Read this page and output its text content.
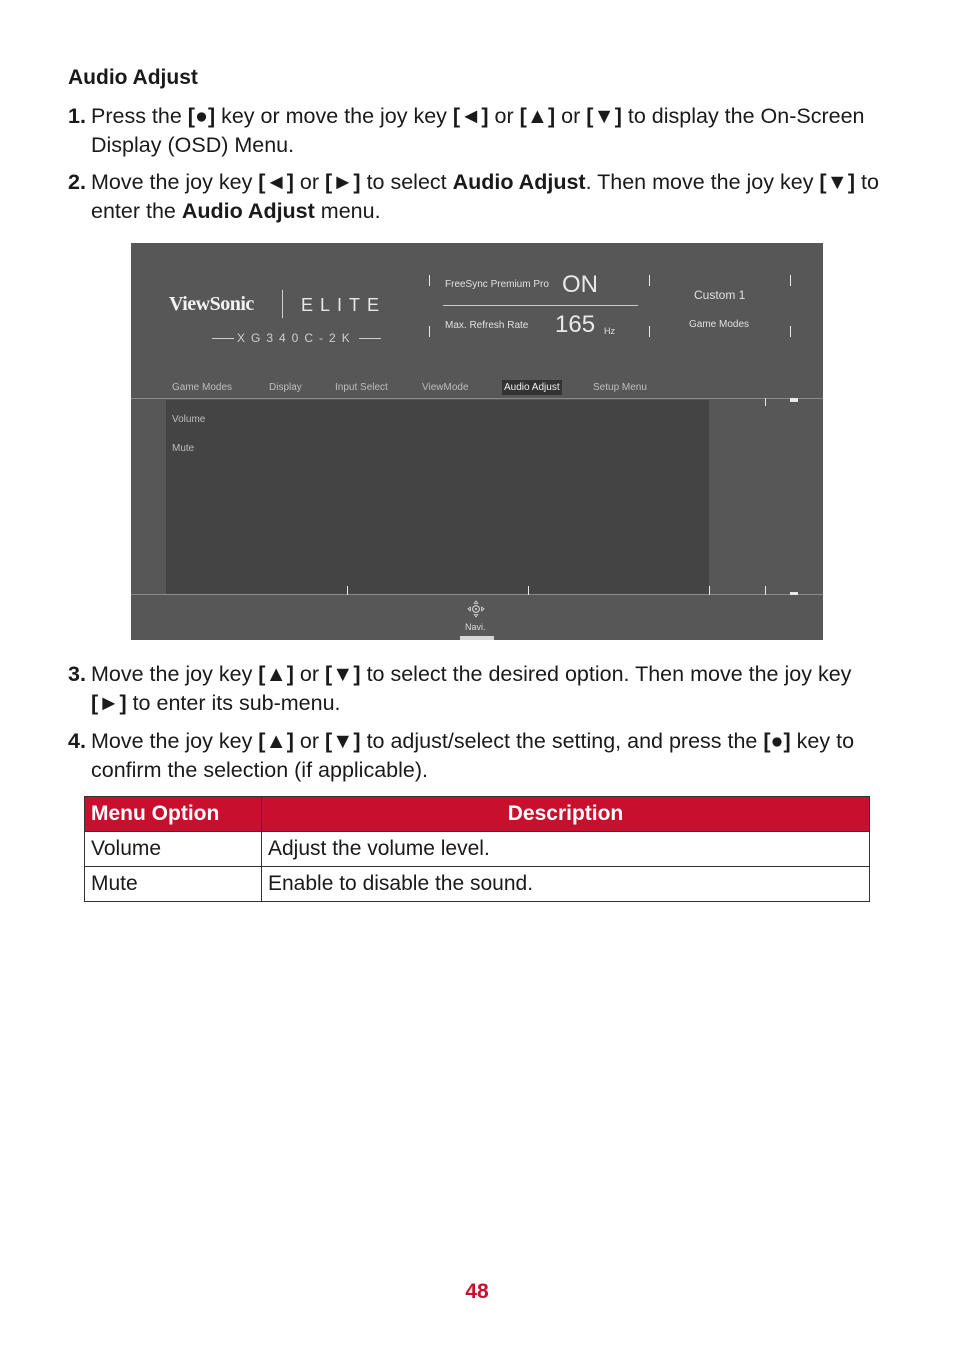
Audio Adjust
1. Press the [●] key or move the joy key [◄] or [▲] or [▼] to display the On-Screen Display (OSD) Menu.
2. Move the joy key [◄] or [►] to select Audio Adjust. Then move the joy key [▼] to enter the Audio Adjust menu.
ViewSonic	ELITE
XG340C-2K
FreeSync Premium Pro ON
Max. Refresh Rate 165 Hz
Custom 1
Game Modes
Game Modes	Display	Input Select	ViewMode	Audio Adjust	Setup Menu
Volume
Mute
Navi.
3. Move the joy key [▲] or [▼] to select the desired option. Then move the joy key [►] to enter its sub-menu.
4. Move the joy key [▲] or [▼] to adjust/select the setting, and press the [●] key to confirm the selection (if applicable).
Menu Option	Description
Volume	Adjust the volume level.
Mute	Enable to disable the sound.
48
